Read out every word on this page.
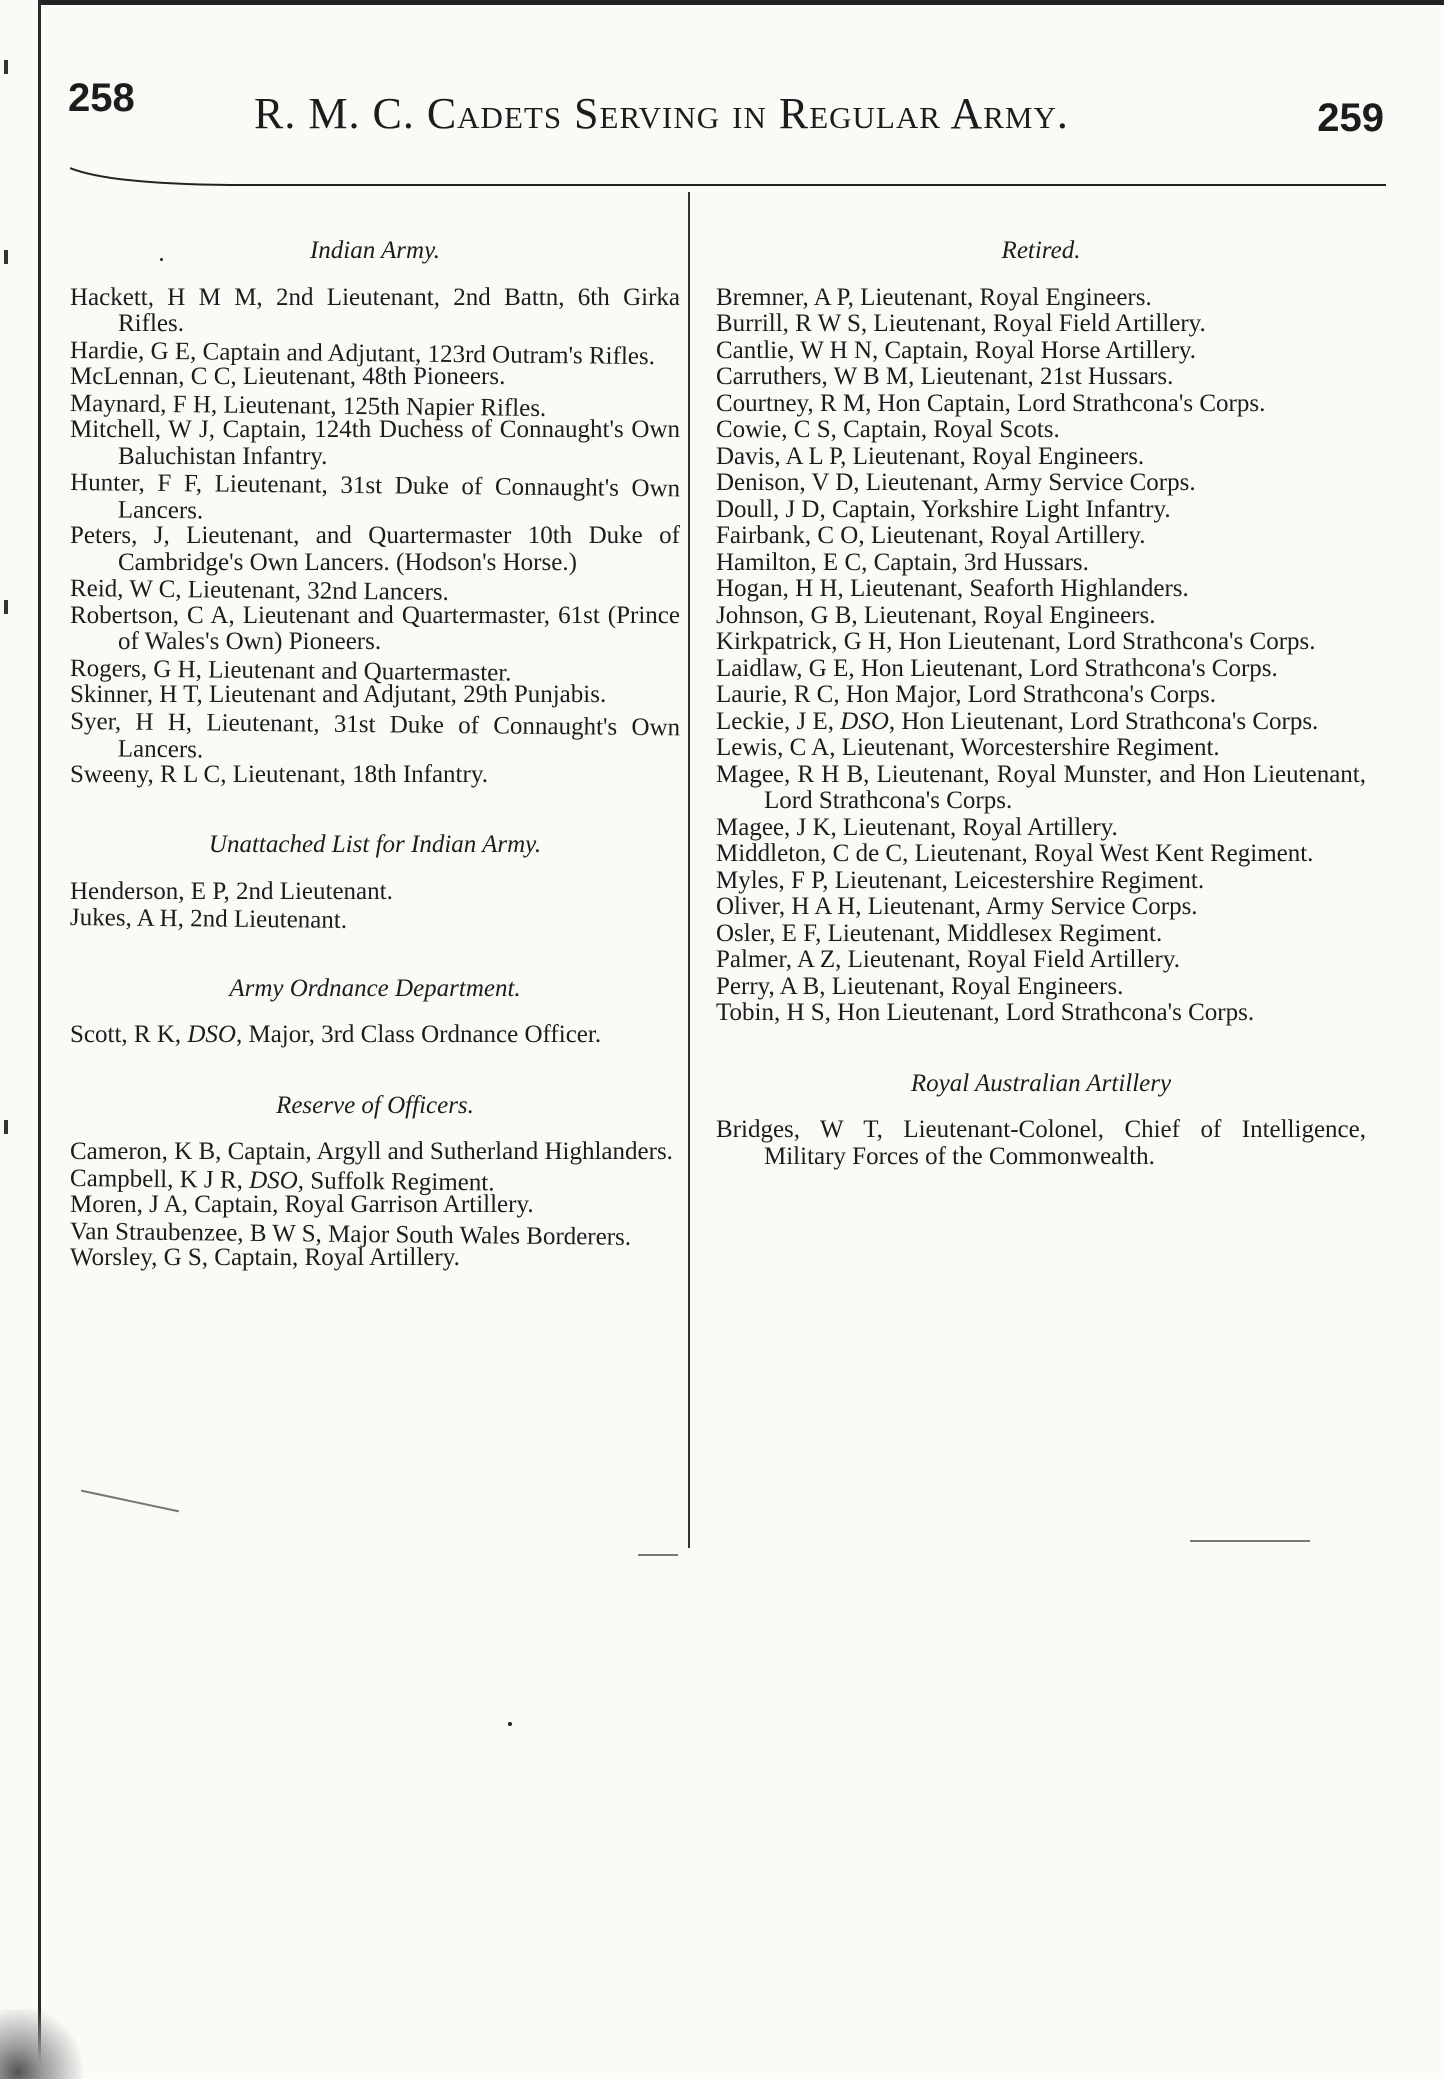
258	R. M. C. Cadets Serving in Regular Army.	259
Indian Army.
Hackett, H M M, 2nd Lieutenant, 2nd Battn, 6th Girka Rifles.
Hardie, G E, Captain and Adjutant, 123rd Outram's Rifles.
McLennan, C C, Lieutenant, 48th Pioneers.
Maynard, F H, Lieutenant, 125th Napier Rifles.
Mitchell, W J, Captain, 124th Duchess of Connaught's Own Baluchistan Infantry.
Hunter, F F, Lieutenant, 31st Duke of Connaught's Own Lancers.
Peters, J, Lieutenant, and Quartermaster 10th Duke of Cambridge's Own Lancers. (Hodson's Horse.)
Reid, W C, Lieutenant, 32nd Lancers.
Robertson, C A, Lieutenant and Quartermaster, 61st (Prince of Wales's Own) Pioneers.
Rogers, G H, Lieutenant and Quartermaster.
Skinner, H T, Lieutenant and Adjutant, 29th Punjabis.
Syer, H H, Lieutenant, 31st Duke of Connaught's Own Lancers.
Sweeny, R L C, Lieutenant, 18th Infantry.
Unattached List for Indian Army.
Henderson, E P, 2nd Lieutenant.
Jukes, A H, 2nd Lieutenant.
Army Ordnance Department.
Scott, R K, DSO, Major, 3rd Class Ordnance Officer.
Reserve of Officers.
Cameron, K B, Captain, Argyll and Sutherland Highlanders.
Campbell, K J R, DSO, Suffolk Regiment.
Moren, J A, Captain, Royal Garrison Artillery.
Van Straubenzee, B W S, Major South Wales Borderers.
Worsley, G S, Captain, Royal Artillery.
Retired.
Bremner, A P, Lieutenant, Royal Engineers.
Burrill, R W S, Lieutenant, Royal Field Artillery.
Cantlie, W H N, Captain, Royal Horse Artillery.
Carruthers, W B M, Lieutenant, 21st Hussars.
Courtney, R M, Hon Captain, Lord Strathcona's Corps.
Cowie, C S, Captain, Royal Scots.
Davis, A L P, Lieutenant, Royal Engineers.
Denison, V D, Lieutenant, Army Service Corps.
Doull, J D, Captain, Yorkshire Light Infantry.
Fairbank, C O, Lieutenant, Royal Artillery.
Hamilton, E C, Captain, 3rd Hussars.
Hogan, H H, Lieutenant, Seaforth Highlanders.
Johnson, G B, Lieutenant, Royal Engineers.
Kirkpatrick, G H, Hon Lieutenant, Lord Strathcona's Corps.
Laidlaw, G E, Hon Lieutenant, Lord Strathcona's Corps.
Laurie, R C, Hon Major, Lord Strathcona's Corps.
Leckie, J E, DSO, Hon Lieutenant, Lord Strathcona's Corps.
Lewis, C A, Lieutenant, Worcestershire Regiment.
Magee, R H B, Lieutenant, Royal Munster, and Hon Lieutenant, Lord Strathcona's Corps.
Magee, J K, Lieutenant, Royal Artillery.
Middleton, C de C, Lieutenant, Royal West Kent Regiment.
Myles, F P, Lieutenant, Leicestershire Regiment.
Oliver, H A H, Lieutenant, Army Service Corps.
Osler, E F, Lieutenant, Middlesex Regiment.
Palmer, A Z, Lieutenant, Royal Field Artillery.
Perry, A B, Lieutenant, Royal Engineers.
Tobin, H S, Hon Lieutenant, Lord Strathcona's Corps.
Royal Australian Artillery
Bridges, W T, Lieutenant-Colonel, Chief of Intelligence, Military Forces of the Commonwealth.
